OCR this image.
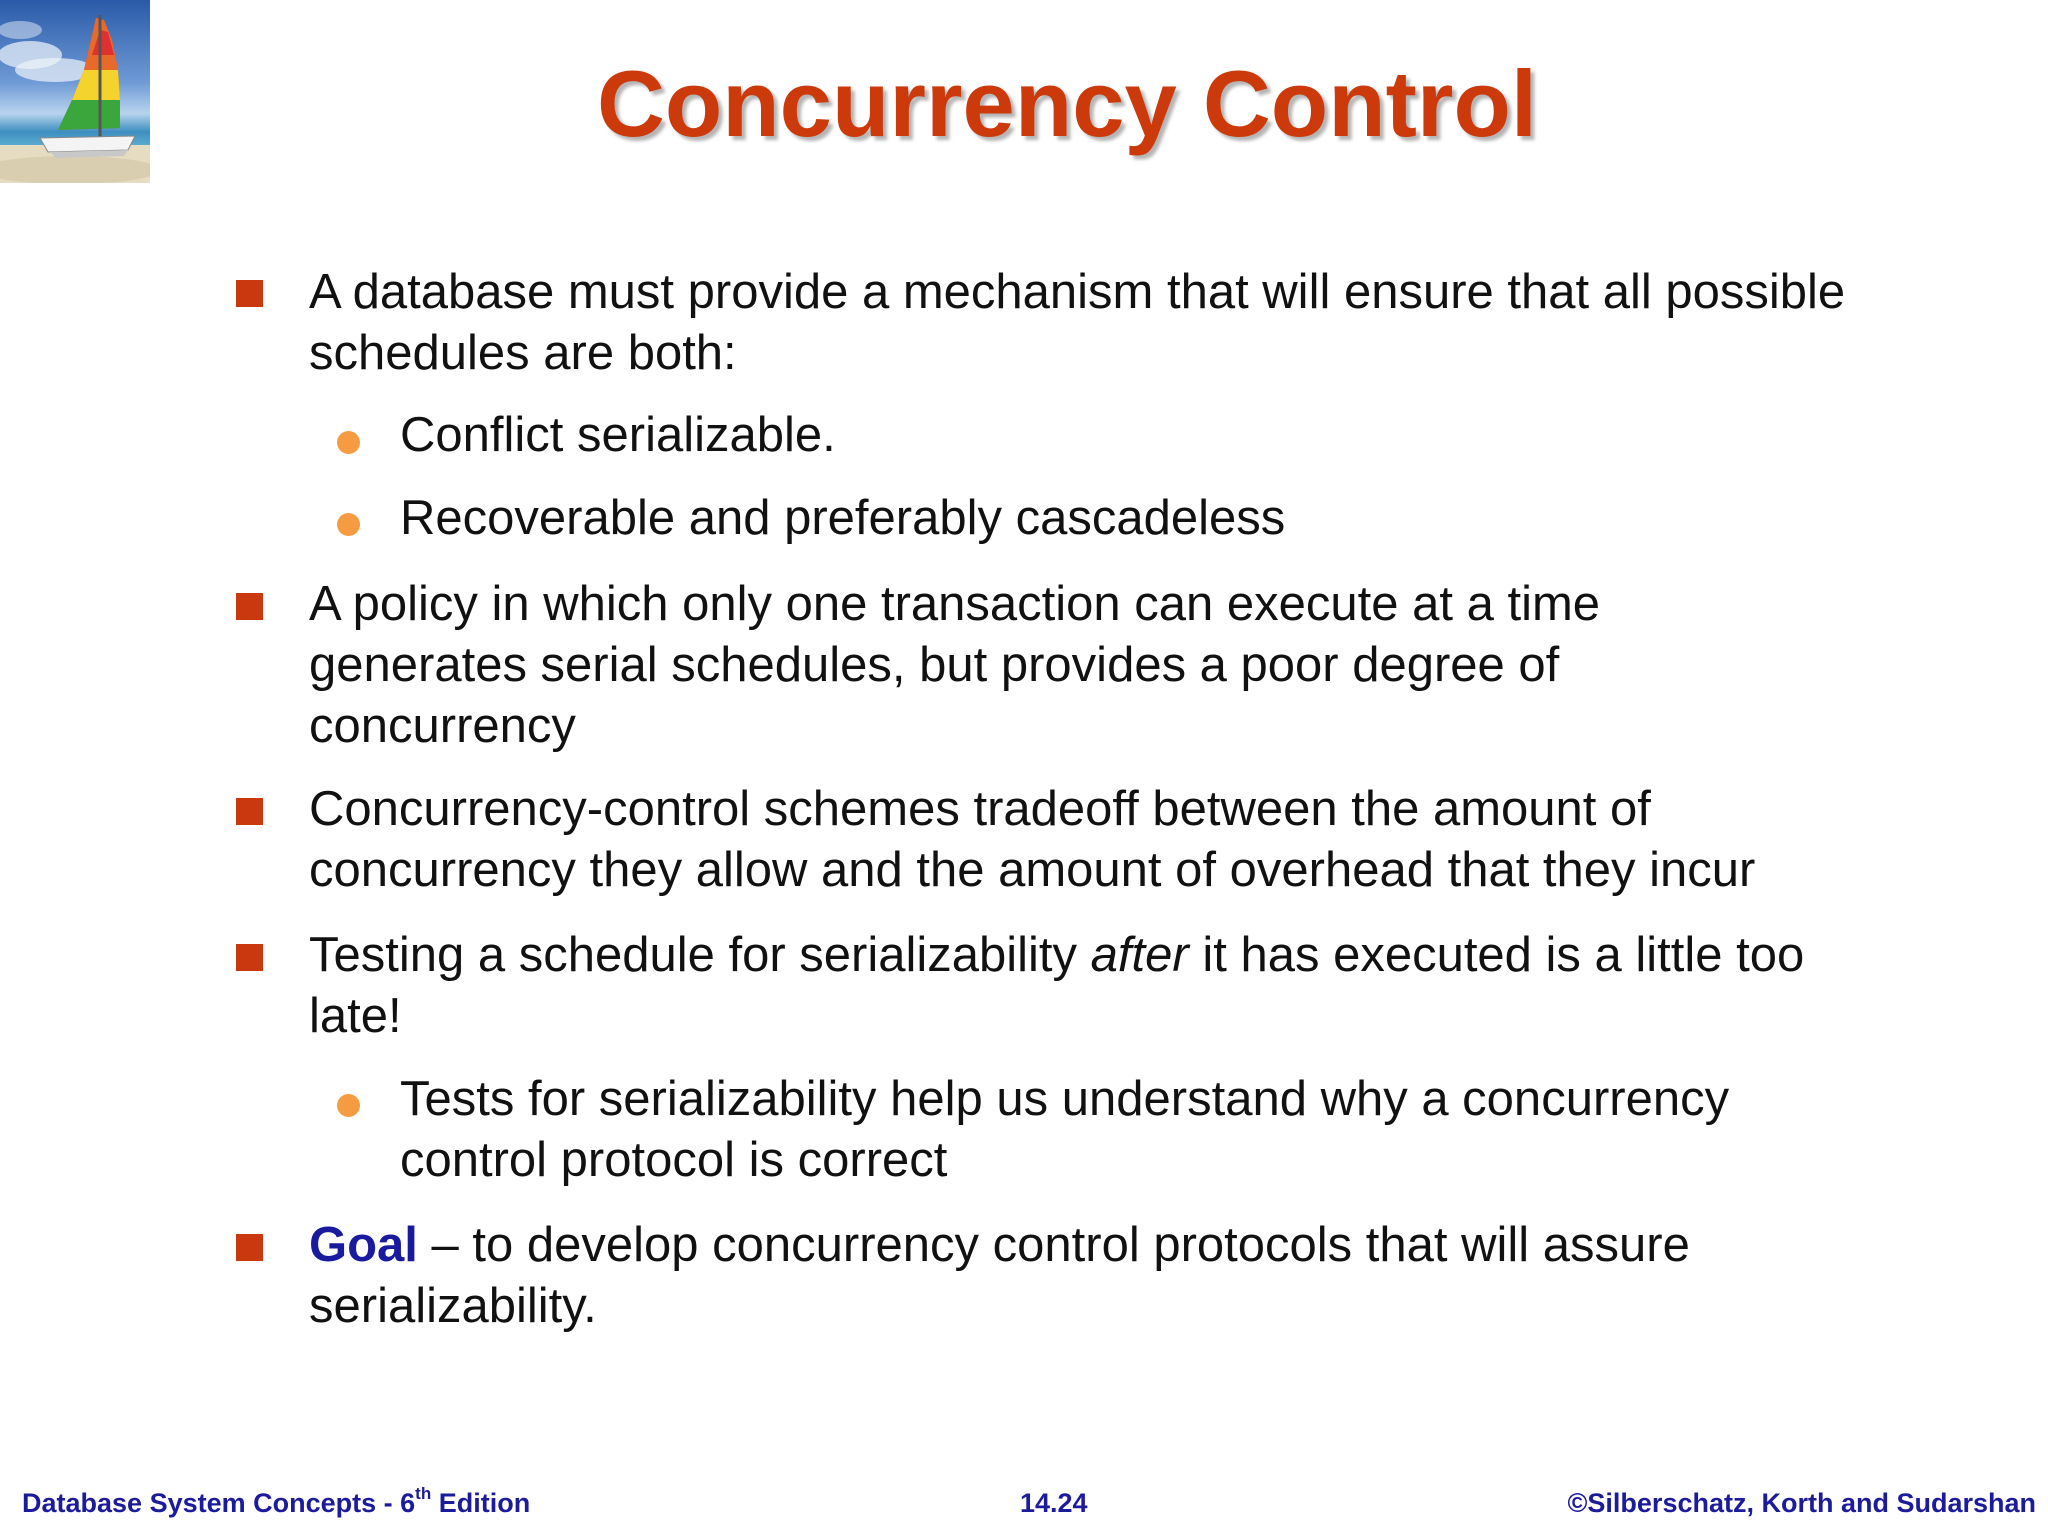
Concurrency Control
A database must provide a mechanism that will ensure that all possible schedules are both:
Conflict serializable.
Recoverable and preferably cascadeless
A policy in which only one transaction can execute at a time generates serial schedules, but provides a poor degree of concurrency
Concurrency-control schemes tradeoff between the amount of concurrency they allow and the amount of overhead that they incur
Testing a schedule for serializability after it has executed is a little too late!
Tests for serializability help us understand why a concurrency control protocol is correct
Goal – to develop concurrency control protocols that will assure serializability.
Database System Concepts - 6th Edition	14.24	©Silberschatz, Korth and Sudarshan
